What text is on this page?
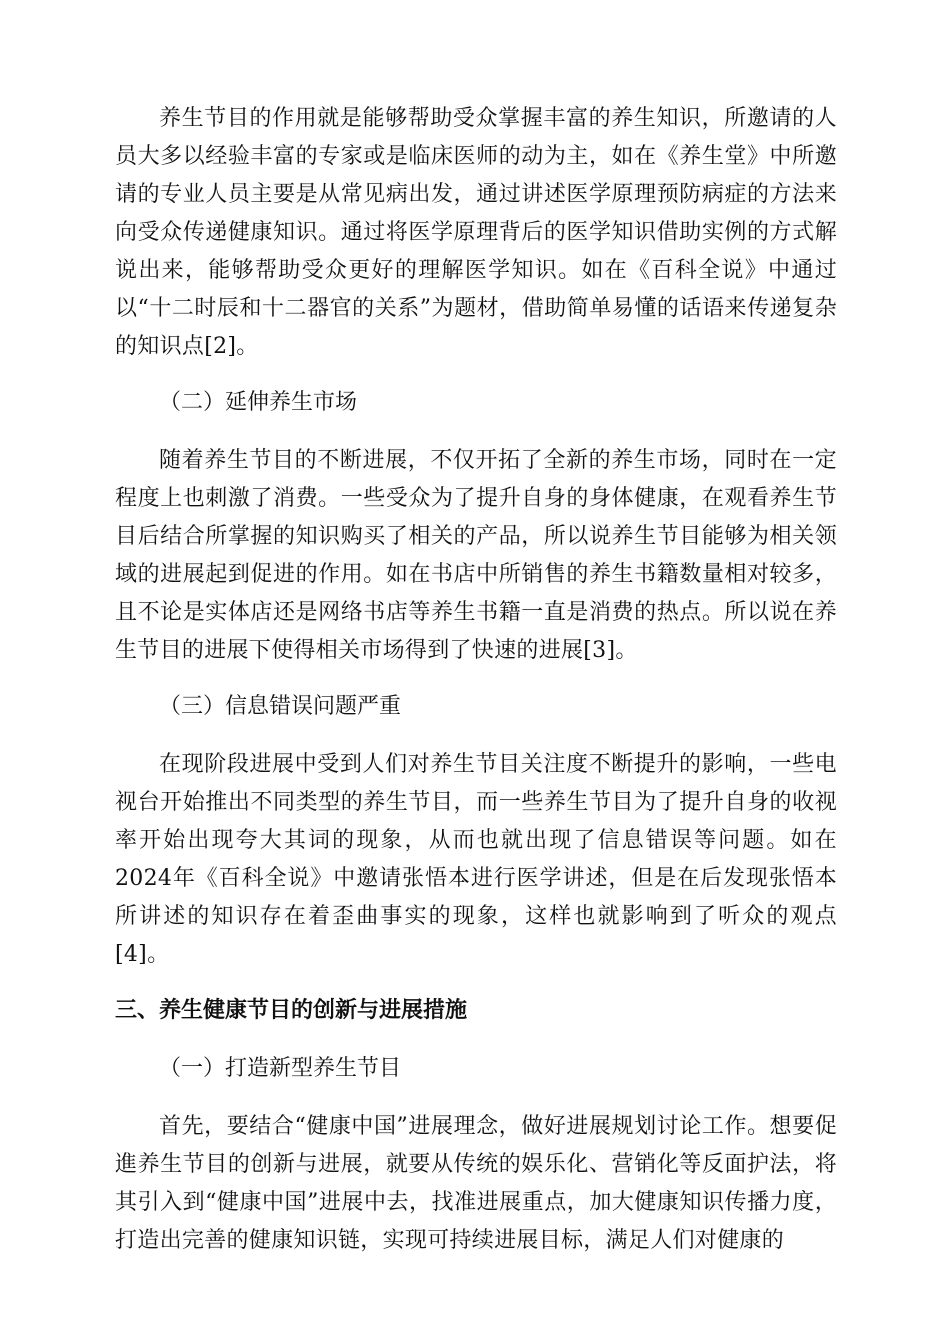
养生节目的作用就是能够帮助受众掌握丰富的养生知识，所邀请的人员大多以经验丰富的专家或是临床医师的动为主，如在《养生堂》中所邀请的专业人员主要是从常见病出发，通过讲述医学原理预防病症的方法来向受众传递健康知识。通过将医学原理背后的医学知识借助实例的方式解说出来，能够帮助受众更好的理解医学知识。如在《百科全说》中通过以“十二时辰和十二器官的关系”为题材，借助简单易懂的话语来传递复杂的知识点[2]。

（二）延伸养生市场

随着养生节目的不断进展，不仅开拓了全新的养生市场，同时在一定程度上也刺激了消费。一些受众为了提升自身的身体健康，在观看养生节目后结合所掌握的知识购买了相关的产品，所以说养生节目能够为相关领域的进展起到促进的作用。如在书店中所销售的养生书籍数量相对较多，且不论是实体店还是网络书店等养生书籍一直是消费的热点。所以说在养生节目的进展下使得相关市场得到了快速的进展[3]。

（三）信息错误问题严重

在现阶段进展中受到人们对养生节目关注度不断提升的影响，一些电视台开始推出不同类型的养生节目，而一些养生节目为了提升自身的收视率开始出现夸大其词的现象，从而也就出现了信息错误等问题。如在2024年《百科全说》中邀请张悟本进行医学讲述，但是在后发现张悟本所讲述的知识存在着歪曲事实的现象，这样也就影响到了听众的观点[4]。

三、养生健康节目的创新与进展措施

（一）打造新型养生节目

首先，要结合“健康中国”进展理念，做好进展规划讨论工作。想要促進养生节目的创新与进展，就要从传统的娱乐化、营销化等反面护法，将其引入到“健康中国”进展中去，找准进展重点，加大健康知识传播力度，打造出完善的健康知识链，实现可持续进展目标，满足人们对健康的
